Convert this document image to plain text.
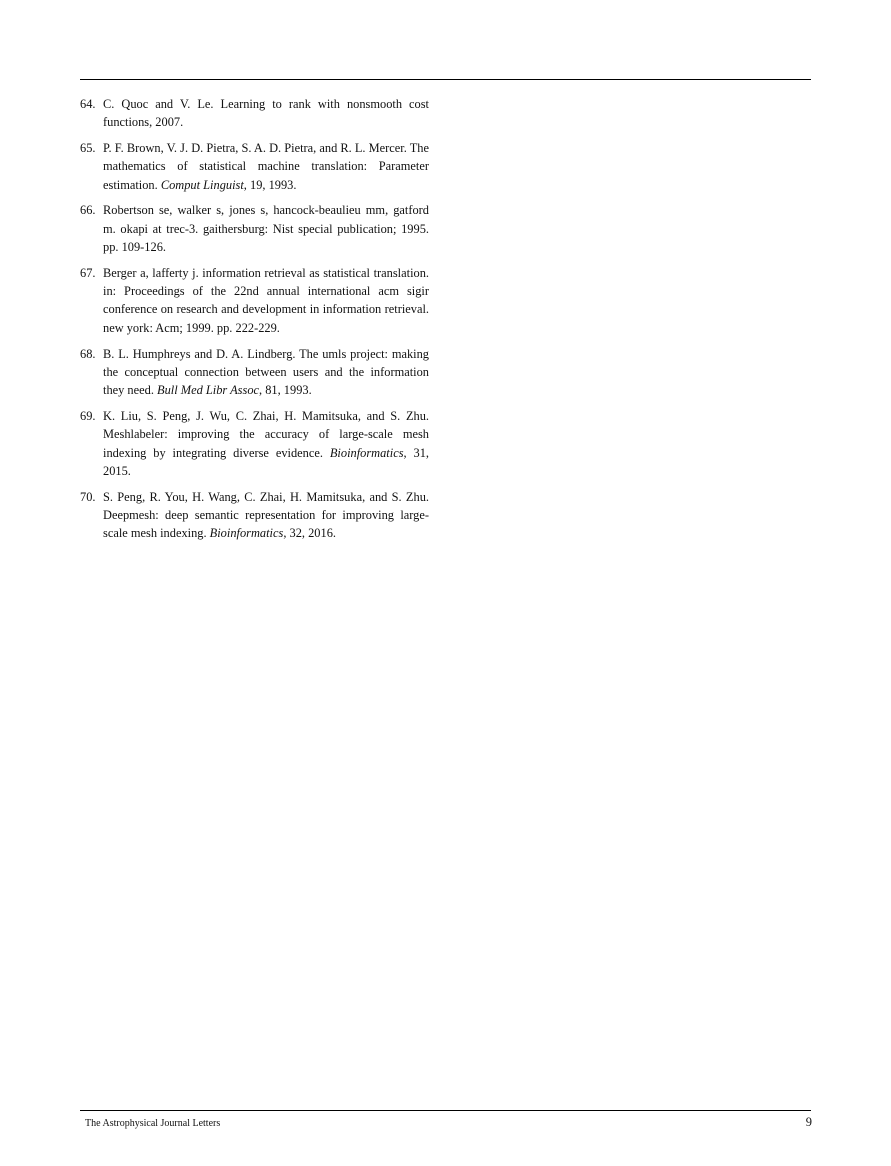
64. C. Quoc and V. Le. Learning to rank with nonsmooth cost functions, 2007.
65. P. F. Brown, V. J. D. Pietra, S. A. D. Pietra, and R. L. Mercer. The mathematics of statistical machine translation: Parameter estimation. Comput Linguist, 19, 1993.
66. Robertson se, walker s, jones s, hancock-beaulieu mm, gatford m. okapi at trec-3. gaithersburg: Nist special publication; 1995. pp. 109-126.
67. Berger a, lafferty j. information retrieval as statistical translation. in: Proceedings of the 22nd annual international acm sigir conference on research and development in information retrieval. new york: Acm; 1999. pp. 222-229.
68. B. L. Humphreys and D. A. Lindberg. The umls project: making the conceptual connection between users and the information they need. Bull Med Libr Assoc, 81, 1993.
69. K. Liu, S. Peng, J. Wu, C. Zhai, H. Mamitsuka, and S. Zhu. Meshlabeler: improving the accuracy of large-scale mesh indexing by integrating diverse evidence. Bioinformatics, 31, 2015.
70. S. Peng, R. You, H. Wang, C. Zhai, H. Mamitsuka, and S. Zhu. Deepmesh: deep semantic representation for improving large-scale mesh indexing. Bioinformatics, 32, 2016.
The Astrophysical Journal Letters	9
